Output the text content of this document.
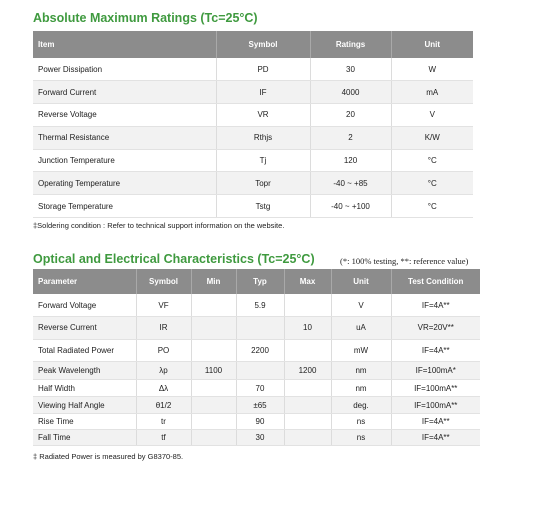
Absolute Maximum Ratings (Tc=25°C)
Item	Symbol	Ratings	Unit
Power Dissipation	PD	30	W
Forward Current	IF	4000	mA
Reverse Voltage	VR	20	V
Thermal Resistance	Rthjs	2	K/W
Junction Temperature	Tj	120	°C
Operating Temperature	Topr	-40 ~ +85	°C
Storage Temperature	Tstg	-40 ~ +100	°C
‡Soldering condition : Refer to technical support information on the website.
Optical and Electrical Characteristics (Tc=25°C)	(*: 100% testing, **: reference value)
Parameter	Symbol	Min	Typ	Max	Unit	Test Condition
Forward Voltage	VF		5.9		V	IF=4A**
Reverse Current	IR			10	uA	VR=20V**
Total Radiated Power	PO		2200		mW	IF=4A**
Peak Wavelength	λp	1100		1200	nm	IF=100mA*
Half Width	Δλ		70		nm	IF=100mA**
Viewing Half Angle	θ1/2		±65		deg.	IF=100mA**
Rise Time	tr		90		ns	IF=4A**
Fall Time	tf		30		ns	IF=4A**
‡ Radiated Power is measured by G8370-85.
